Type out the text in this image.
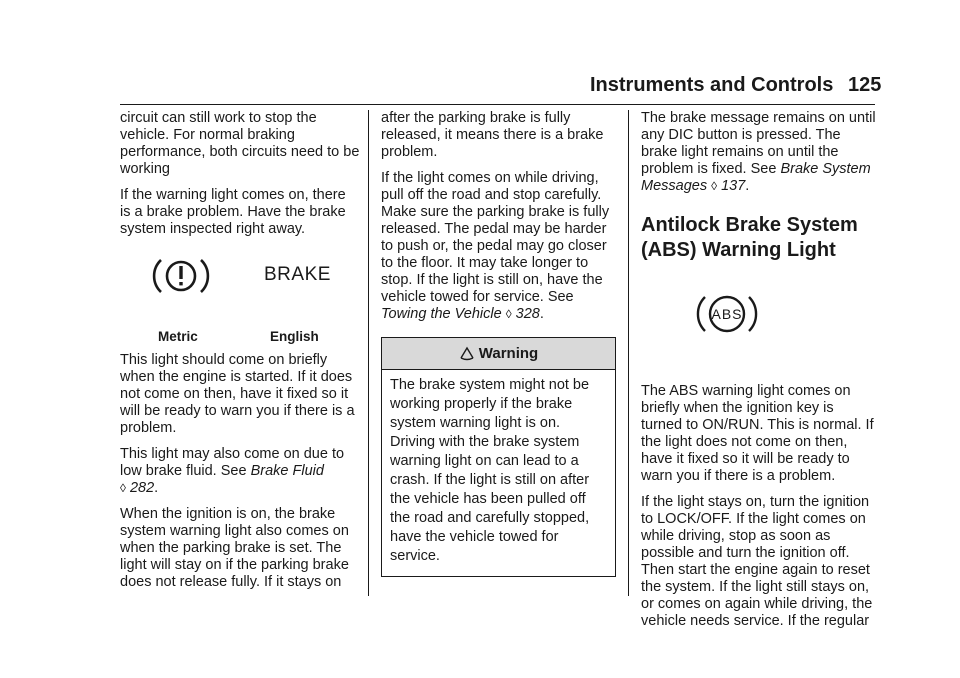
Instruments and Controls 125

circuit can still work to stop the vehicle. For normal braking performance, both circuits need to be working

If the warning light comes on, there is a brake problem. Have the brake system inspected right away.

BRAKE
Metric	English

This light should come on briefly when the engine is started. If it does not come on then, have it fixed so it will be ready to warn you if there is a problem.

This light may also come on due to low brake fluid. See Brake Fluid
◊ 282.

When the ignition is on, the brake system warning light also comes on when the parking brake is set. The light will stay on if the parking brake does not release fully. If it stays on

after the parking brake is fully released, it means there is a brake problem.

If the light comes on while driving, pull off the road and stop carefully. Make sure the parking brake is fully released. The pedal may be harder to push or, the pedal may go closer to the floor. It may take longer to stop. If the light is still on, have the vehicle towed for service. See Towing the Vehicle ◊ 328.

Warning
The brake system might not be working properly if the brake system warning light is on. Driving with the brake system warning light on can lead to a crash. If the light is still on after the vehicle has been pulled off the road and carefully stopped, have the vehicle towed for service.

The brake message remains on until any DIC button is pressed. The brake light remains on until the problem is fixed. See Brake System Messages ◊ 137.

Antilock Brake System (ABS) Warning Light
ABS

The ABS warning light comes on briefly when the ignition key is turned to ON/RUN. This is normal. If the light does not come on then, have it fixed so it will be ready to warn you if there is a problem.

If the light stays on, turn the ignition to LOCK/OFF. If the light comes on while driving, stop as soon as possible and turn the ignition off. Then start the engine again to reset the system. If the light still stays on, or comes on again while driving, the vehicle needs service. If the regular
